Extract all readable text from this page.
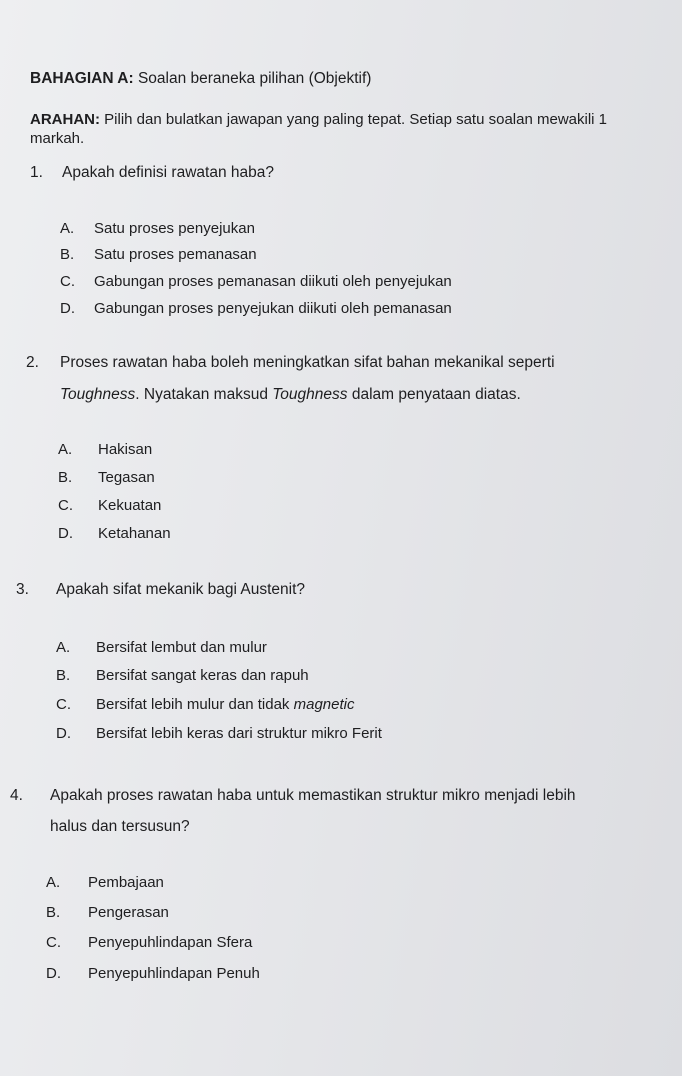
BAHAGIAN A: Soalan beraneka pilihan (Objektif)
ARAHAN: Pilih dan bulatkan jawapan yang paling tepat. Setiap satu soalan mewakili 1
markah.
1. Apakah definisi rawatan haba?
A. Satu proses penyejukan
B. Satu proses pemanasan
C. Gabungan proses pemanasan diikuti oleh penyejukan
D. Gabungan proses penyejukan diikuti oleh pemanasan
2. Proses rawatan haba boleh meningkatkan sifat bahan mekanikal seperti
Toughness. Nyatakan maksud Toughness dalam penyataan diatas.
A. Hakisan
B. Tegasan
C. Kekuatan
D. Ketahanan
3. Apakah sifat mekanik bagi Austenit?
A. Bersifat lembut dan mulur
B. Bersifat sangat keras dan rapuh
C. Bersifat lebih mulur dan tidak magnetic
D. Bersifat lebih keras dari struktur mikro Ferit
4. Apakah proses rawatan haba untuk memastikan struktur mikro menjadi lebih
halus dan tersusun?
A. Pembajaan
B. Pengerasan
C. Penyepuhlindapan Sfera
D. Penyepuhlindapan Penuh
